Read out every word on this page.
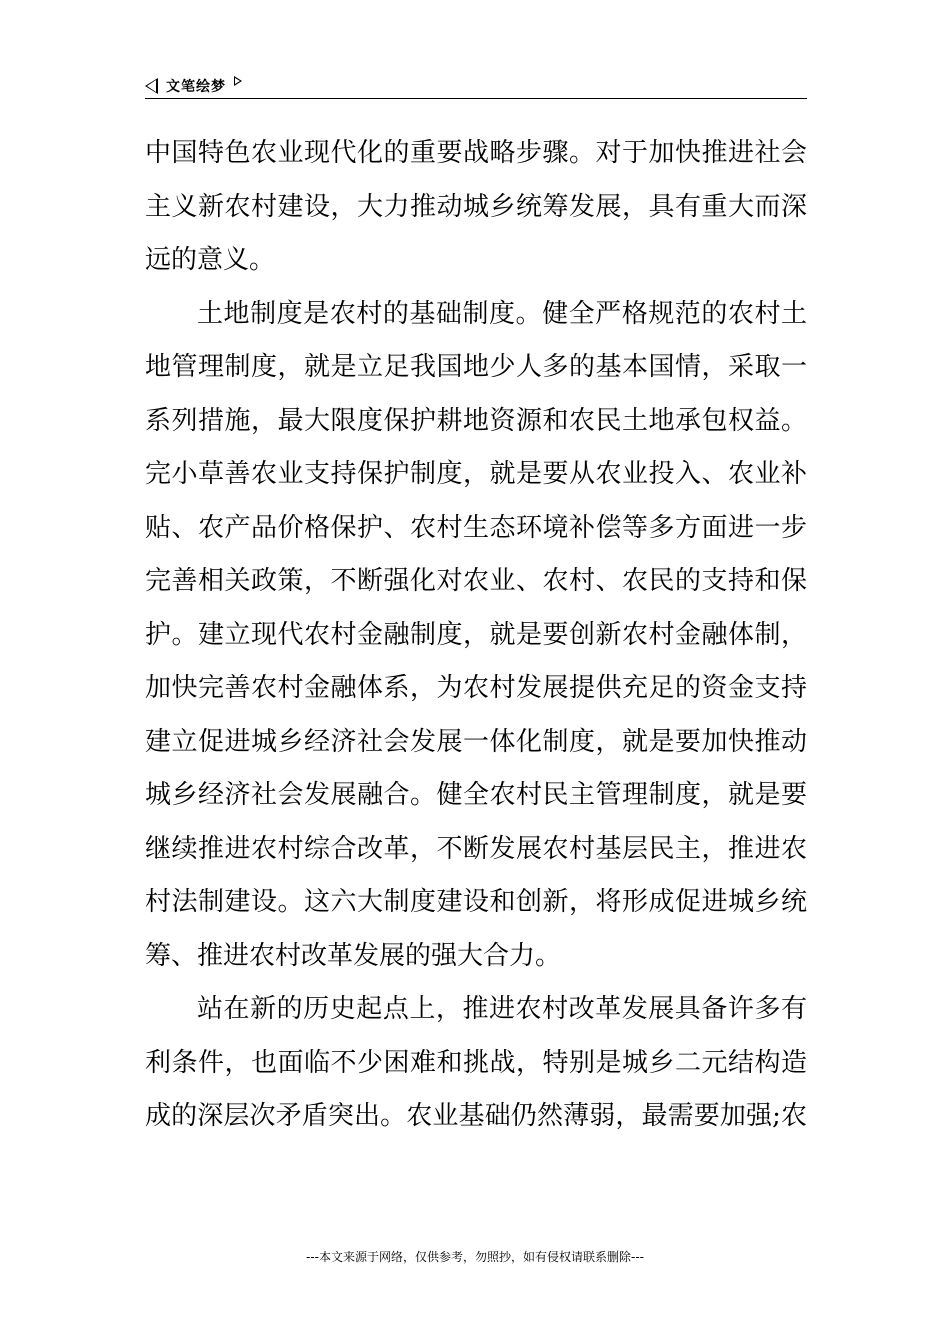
文笔绘梦
中国特色农业现代化的重要战略步骤。对于加快推进社会
主义新农村建设，大力推动城乡统筹发展，具有重大而深
远的意义。
土地制度是农村的基础制度。健全严格规范的农村土
地管理制度，就是立足我国地少人多的基本国情，采取一
系列措施，最大限度保护耕地资源和农民土地承包权益。
完小草善农业支持保护制度，就是要从农业投入、农业补
贴、农产品价格保护、农村生态环境补偿等多方面进一步
完善相关政策，不断强化对农业、农村、农民的支持和保
护。建立现代农村金融制度，就是要创新农村金融体制，
加快完善农村金融体系，为农村发展提供充足的资金支持
建立促进城乡经济社会发展一体化制度，就是要加快推动
城乡经济社会发展融合。健全农村民主管理制度，就是要
继续推进农村综合改革，不断发展农村基层民主，推进农
村法制建设。这六大制度建设和创新，将形成促进城乡统
筹、推进农村改革发展的强大合力。
站在新的历史起点上，推进农村改革发展具备许多有
利条件，也面临不少困难和挑战，特别是城乡二元结构造
成的深层次矛盾突出。农业基础仍然薄弱，最需要加强;农
---本文来源于网络，仅供参考，勿照抄，如有侵权请联系删除---
